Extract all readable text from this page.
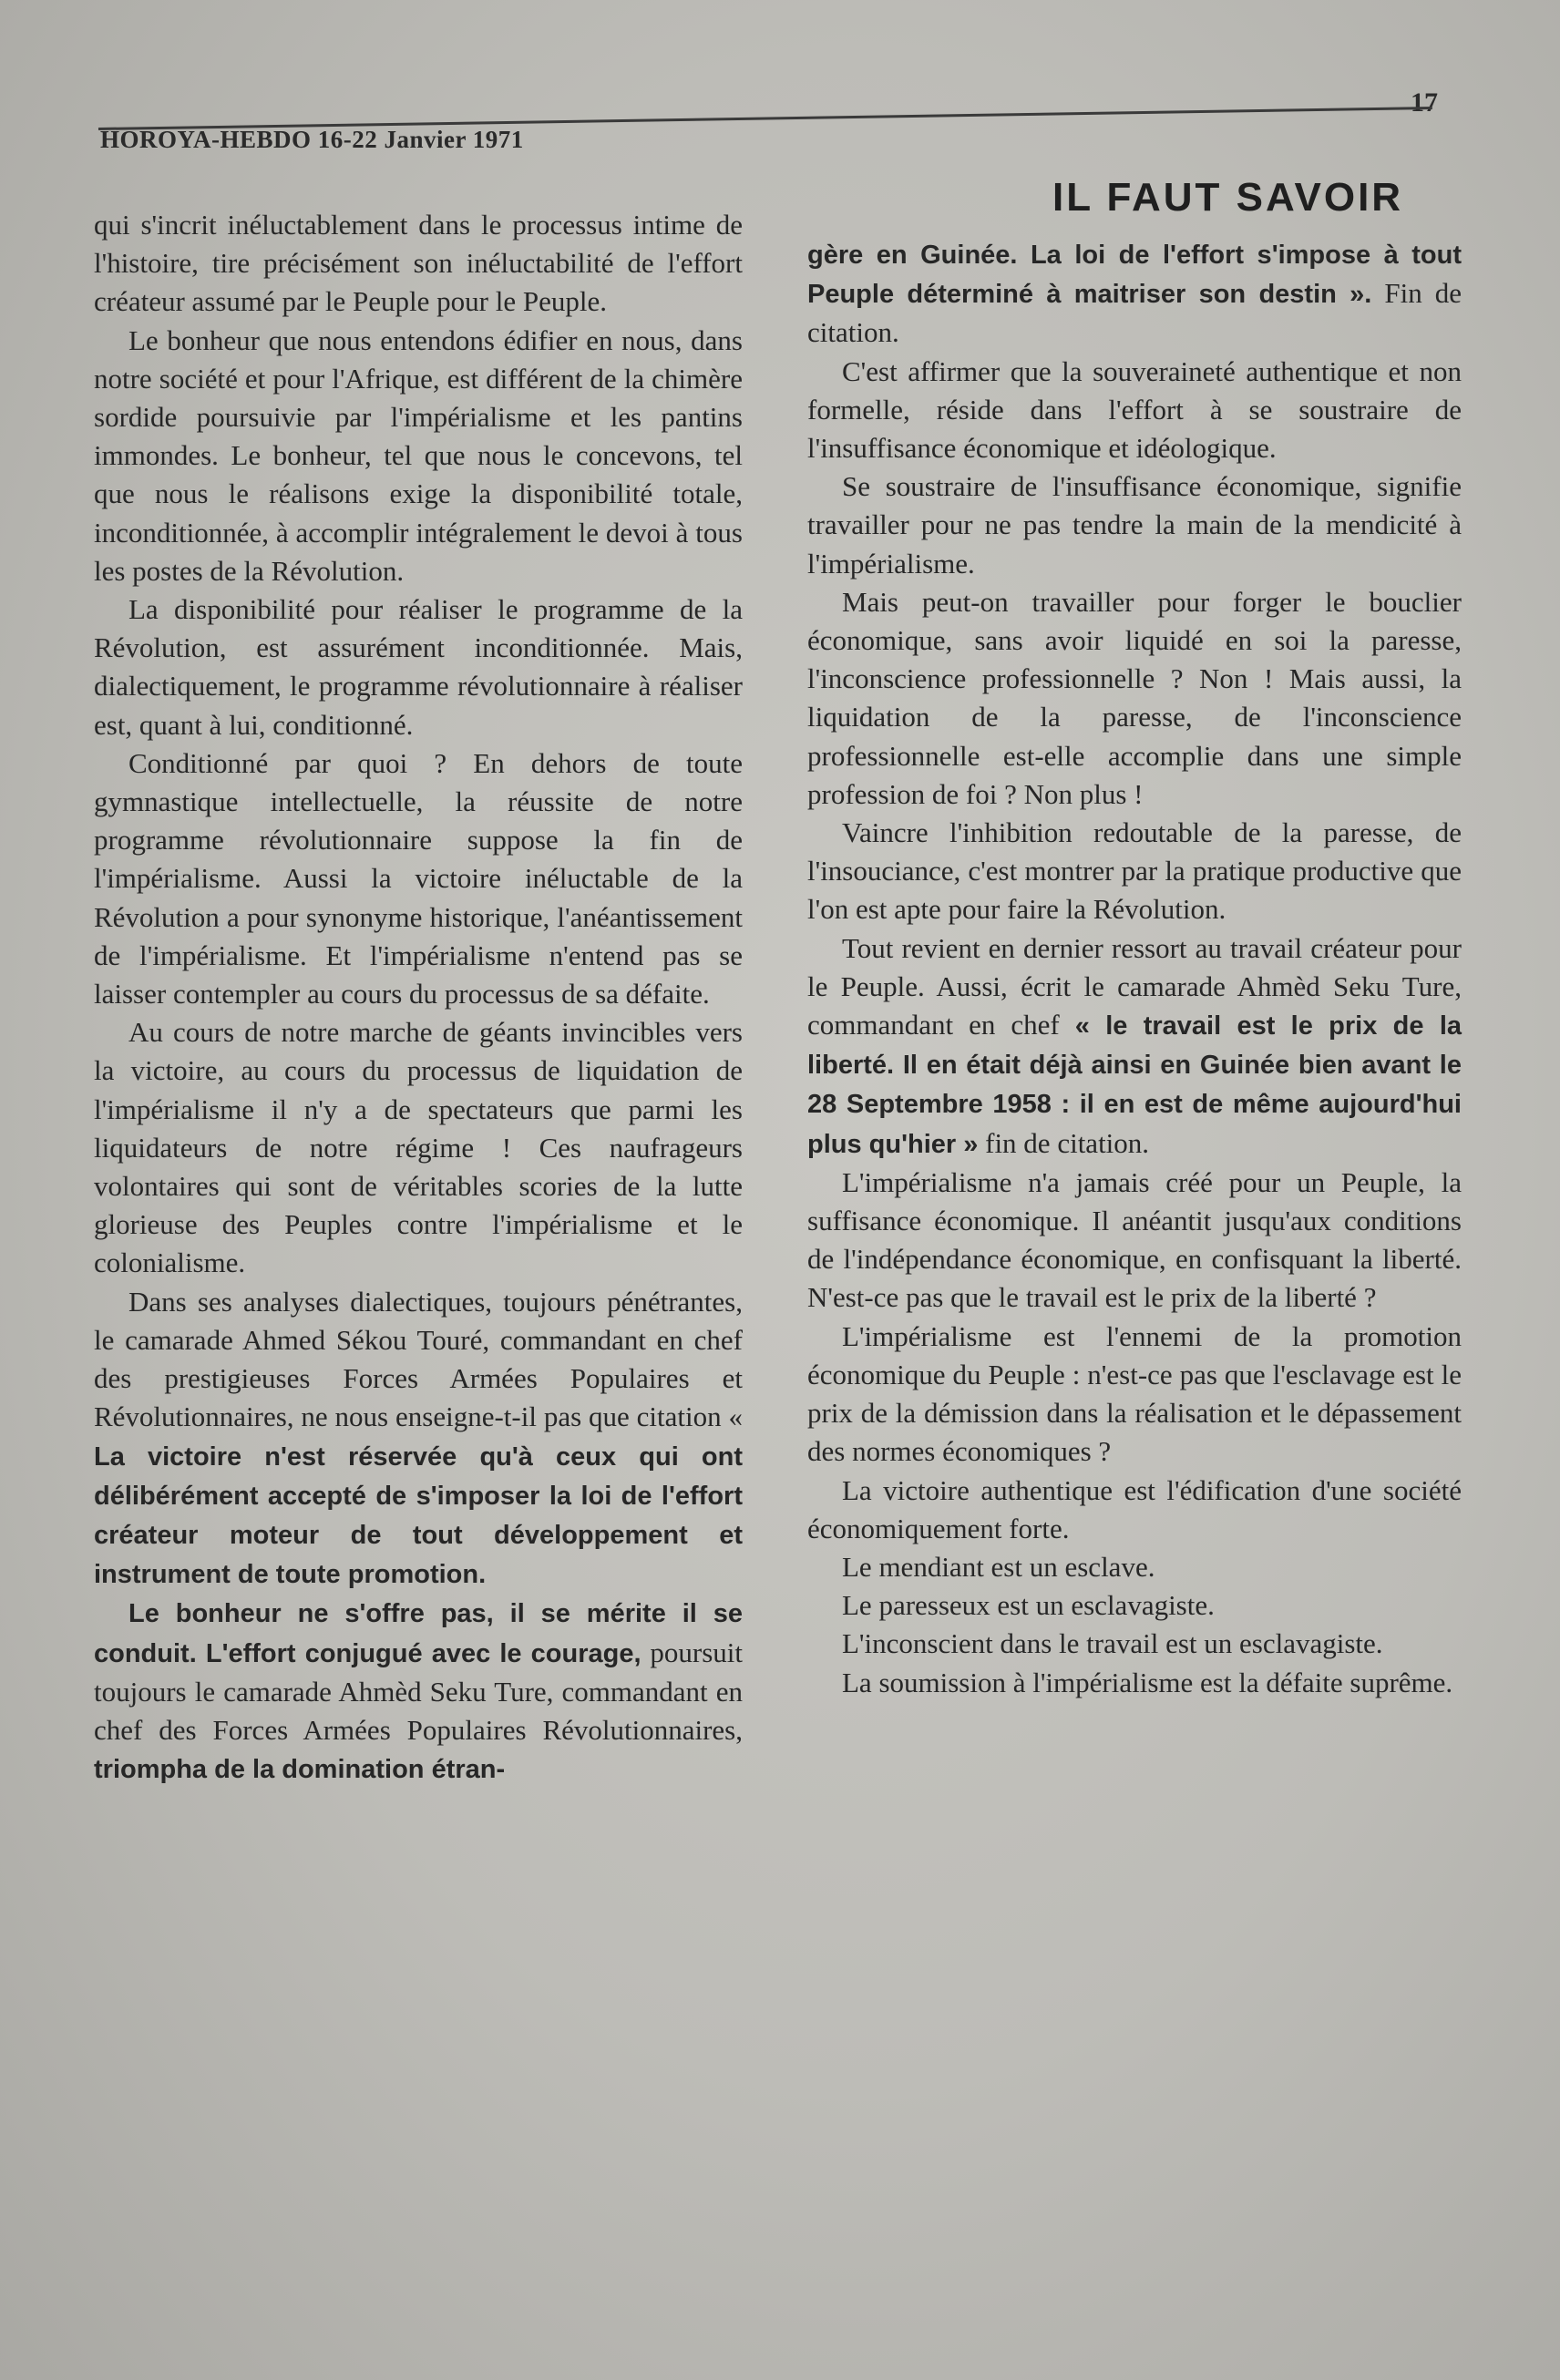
17
HOROYA-HEBDO 16-22 Janvier 1971
IL FAUT SAVOIR

qui s'incrit inéluctablement dans le processus intime de l'histoire, tire précisément son inéluctabilité de l'effort créateur assumé par le Peuple pour le Peuple.

Le bonheur que nous entendons édifier en nous, dans notre société et pour l'Afrique, est différent de la chimère sordide poursuivie par l'impérialisme et les pantins immondes. Le bonheur, tel que nous le concevons, tel que nous le réalisons exige la disponibilité totale, inconditionnée, à accomplir intégralement le devoi à tous les postes de la Révolution.

La disponibilité pour réaliser le programme de la Révolution, est assurément inconditionnée. Mais, dialectiquement, le programme révolutionnaire à réaliser est, quant à lui, conditionné.

Conditionné par quoi ? En dehors de toute gymnastique intellectuelle, la réussite de notre programme révolutionnaire suppose la fin de l'impérialisme. Aussi la victoire inéluctable de la Révolution a pour synonyme historique, l'anéantissement de l'impérialisme. Et l'impérialisme n'entend pas se laisser contempler au cours du processus de sa défaite.

Au cours de notre marche de géants invincibles vers la victoire, au cours du processus de liquidation de l'impérialisme il n'y a de spectateurs que parmi les liquidateurs de notre régime ! Ces naufrageurs volontaires qui sont de véritables scories de la lutte glorieuse des Peuples contre l'impérialisme et le colonialisme.

Dans ses analyses dialectiques, toujours pénétrantes, le camarade Ahmed Sékou Touré, commandant en chef des prestigieuses Forces Armées Populaires et Révolutionnaires, ne nous enseigne-t-il pas que citation « La victoire n'est réservée qu'à ceux qui ont délibérément accepté de s'imposer la loi de l'effort créateur moteur de tout développement et instrument de toute promotion.

Le bonheur ne s'offre pas, il se mérite il se conduit. L'effort conjugué avec le courage, poursuit toujours le camarade Ahmèd Seku Ture, commandant en chef des Forces Armées Populaires Révolutionnaires, triompha de la domination étran-

gère en Guinée. La loi de l'effort s'impose à tout Peuple déterminé à maitriser son destin ». Fin de citation.

C'est affirmer que la souveraineté authentique et non formelle, réside dans l'effort à se soustraire de l'insuffisance économique et idéologique.

Se soustraire de l'insuffisance économique, signifie travailler pour ne pas tendre la main de la mendicité à l'impérialisme.

Mais peut-on travailler pour forger le bouclier économique, sans avoir liquidé en soi la paresse, l'inconscience professionnelle ? Non ! Mais aussi, la liquidation de la paresse, de l'inconscience professionnelle est-elle accomplie dans une simple profession de foi ? Non plus !

Vaincre l'inhibition redoutable de la paresse, de l'insouciance, c'est montrer par la pratique productive que l'on est apte pour faire la Révolution.

Tout revient en dernier ressort au travail créateur pour le Peuple. Aussi, écrit le camarade Ahmèd Seku Ture, commandant en chef « le travail est le prix de la liberté. Il en était déjà ainsi en Guinée bien avant le 28 Septembre 1958 : il en est de même aujourd'hui plus qu'hier » fin de citation.

L'impérialisme n'a jamais créé pour un Peuple, la suffisance économique. Il anéantit jusqu'aux conditions de l'indépendance économique, en confisquant la liberté. N'est-ce pas que le travail est le prix de la liberté ?

L'impérialisme est l'ennemi de la promotion économique du Peuple : n'est-ce pas que l'esclavage est le prix de la démission dans la réalisation et le dépassement des normes économiques ?

La victoire authentique est l'édification d'une société économiquement forte.

Le mendiant est un esclave.

Le paresseux est un esclavagiste.

L'inconscient dans le travail est un esclavagiste.

La soumission à l'impérialisme est la défaite suprême.
